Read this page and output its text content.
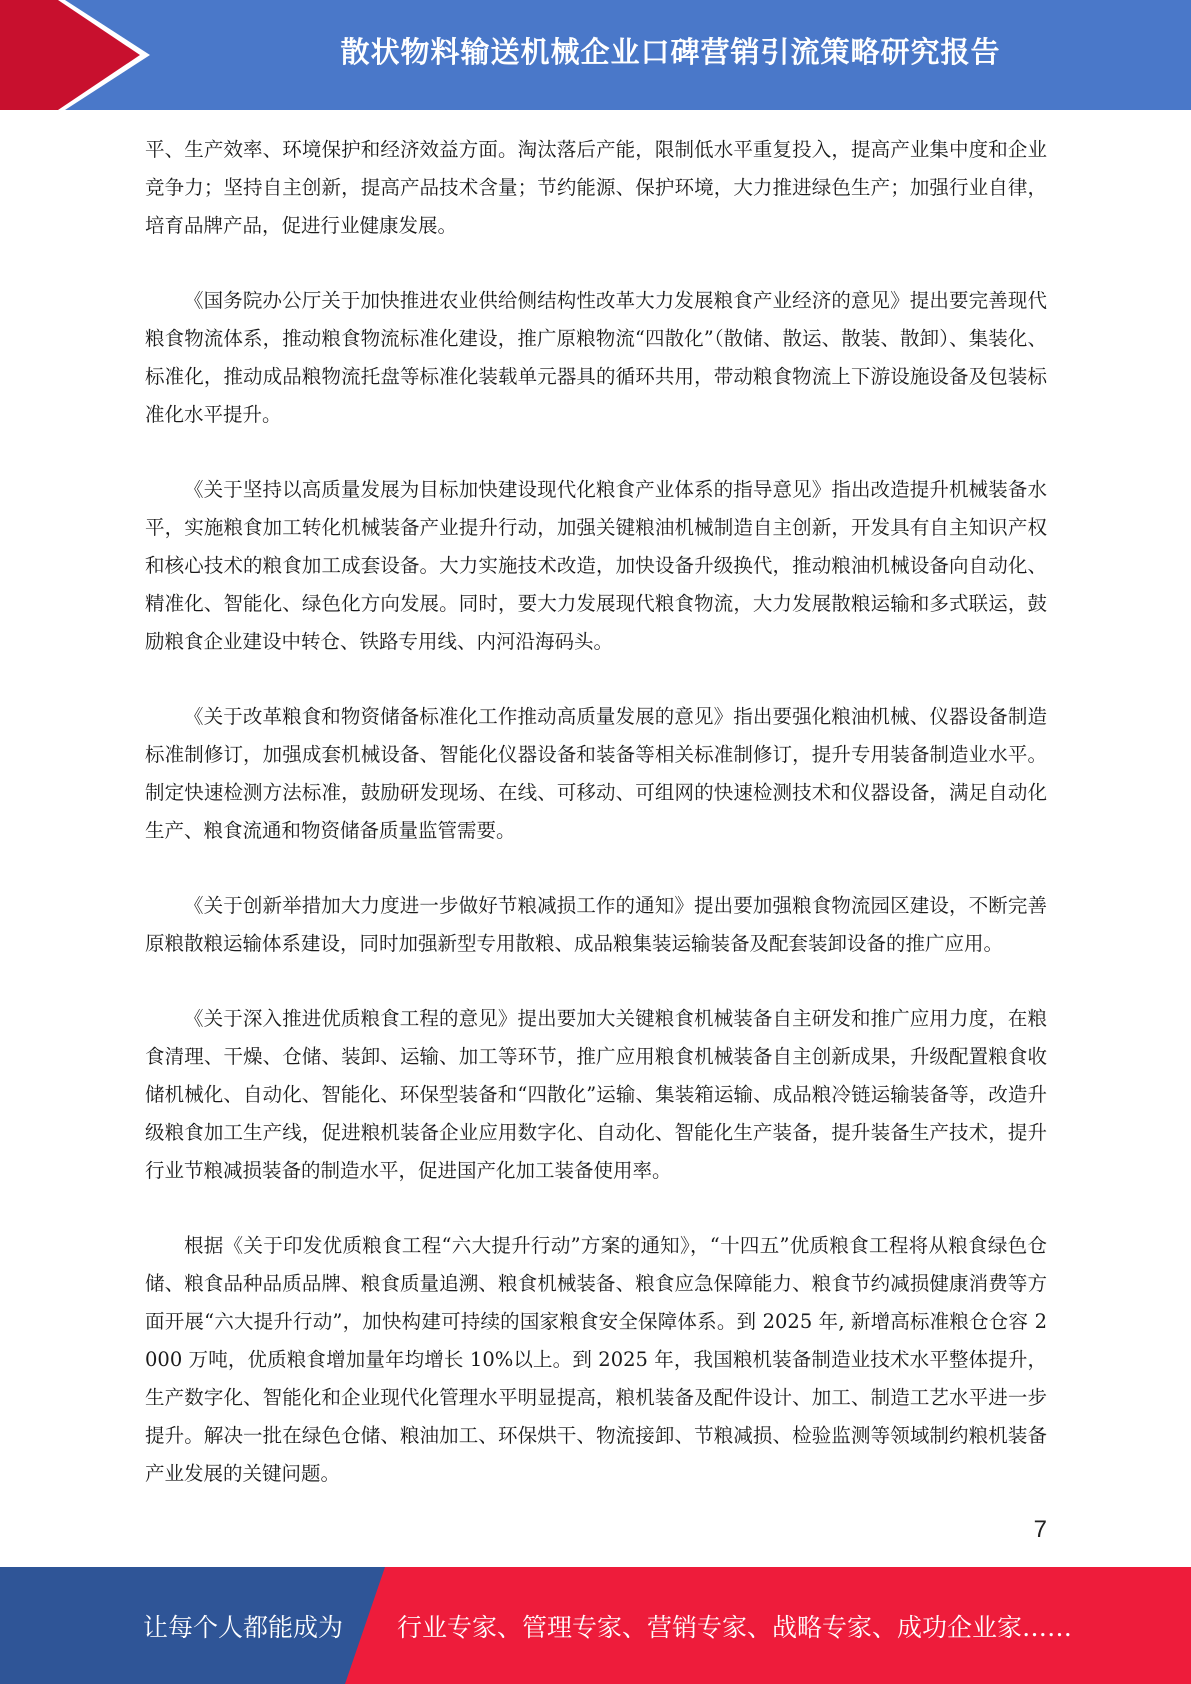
散状物料输送机械企业口碑营销引流策略研究报告

平、生产效率、环境保护和经济效益方面。淘汰落后产能，限制低水平重复投入，提高产业集中度和企业竞争力；坚持自主创新，提高产品技术含量；节约能源、保护环境，大力推进绿色生产；加强行业自律，培育品牌产品，促进行业健康发展。

《国务院办公厅关于加快推进农业供给侧结构性改革大力发展粮食产业经济的意见》提出要完善现代粮食物流体系，推动粮食物流标准化建设，推广原粮物流“四散化”（散储、散运、散装、散卸）、集装化、标准化，推动成品粮物流托盘等标准化装载单元器具的循环共用，带动粮食物流上下游设施设备及包装标准化水平提升。

《关于坚持以高质量发展为目标加快建设现代化粮食产业体系的指导意见》指出改造提升机械装备水平，实施粮食加工转化机械装备产业提升行动，加强关键粮油机械制造自主创新，开发具有自主知识产权和核心技术的粮食加工成套设备。大力实施技术改造，加快设备升级换代，推动粮油机械设备向自动化、精准化、智能化、绿色化方向发展。同时，要大力发展现代粮食物流，大力发展散粮运输和多式联运，鼓励粮食企业建设中转仓、铁路专用线、内河沿海码头。

《关于改革粮食和物资储备标准化工作推动高质量发展的意见》指出要强化粮油机械、仪器设备制造标准制修订，加强成套机械设备、智能化仪器设备和装备等相关标准制修订，提升专用装备制造业水平。制定快速检测方法标准，鼓励研发现场、在线、可移动、可组网的快速检测技术和仪器设备，满足自动化生产、粮食流通和物资储备质量监管需要。

《关于创新举措加大力度进一步做好节粮减损工作的通知》提出要加强粮食物流园区建设，不断完善原粮散粮运输体系建设，同时加强新型专用散粮、成品粮集装运输装备及配套装卸设备的推广应用。

《关于深入推进优质粮食工程的意见》提出要加大关键粮食机械装备自主研发和推广应用力度，在粮食清理、干燥、仓储、装卸、运输、加工等环节，推广应用粮食机械装备自主创新成果，升级配置粮食收储机械化、自动化、智能化、环保型装备和“四散化”运输、集装箱运输、成品粮冷链运输装备等，改造升级粮食加工生产线，促进粮机装备企业应用数字化、自动化、智能化生产装备，提升装备生产技术，提升行业节粮减损装备的制造水平，促进国产化加工装备使用率。

根据《关于印发优质粮食工程“六大提升行动”方案的通知》，“十四五”优质粮食工程将从粮食绿色仓储、粮食品种品质品牌、粮食质量追溯、粮食机械装备、粮食应急保障能力、粮食节约减损健康消费等方面开展“六大提升行动”，加快构建可持续的国家粮食安全保障体系。到 2025 年, 新增高标准粮仓仓容 2000 万吨，优质粮食增加量年均增长 10%以上。到 2025 年，我国粮机装备制造业技术水平整体提升，生产数字化、智能化和企业现代化管理水平明显提高，粮机装备及配件设计、加工、制造工艺水平进一步提升。解决一批在绿色仓储、粮油加工、环保烘干、物流接卸、节粮减损、检验监测等领域制约粮机装备产业发展的关键问题。

7
让每个人都能成为 行业专家、管理专家、营销专家、战略专家、成功企业家……
